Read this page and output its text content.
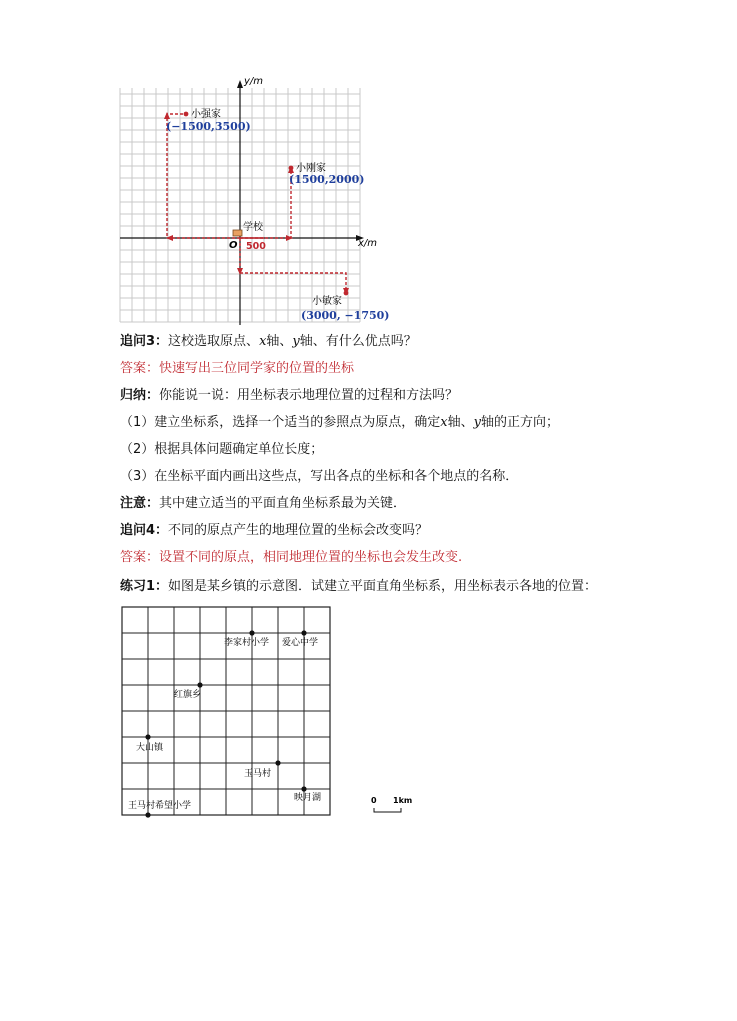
y/m
x/m
O
学校
500
小强家
(−1500,3500)
小刚家
(1500,2000)
小敏家
(3000, −1750)
追问3：这校选取原点、x轴、y轴、有什么优点吗？
答案：快速写出三位同学家的位置的坐标
归纳：你能说一说：用坐标表示地理位置的过程和方法吗？
（1）建立坐标系，选择一个适当的参照点为原点，确定x轴、y轴的正方向；
（2）根据具体问题确定单位长度；
（3）在坐标平面内画出这些点，写出各点的坐标和各个地点的名称．
注意：其中建立适当的平面直角坐标系最为关键．
追问4：不同的原点产生的地理位置的坐标会改变吗？
答案：设置不同的原点，相同地理位置的坐标也会发生改变.
练习1：如图是某乡镇的示意图．试建立平面直角坐标系，用坐标表示各地的位置：
李家村小学 爱心中学
红旗乡
大山镇
玉马村
映月湖
王马村希望小学
0 1km
